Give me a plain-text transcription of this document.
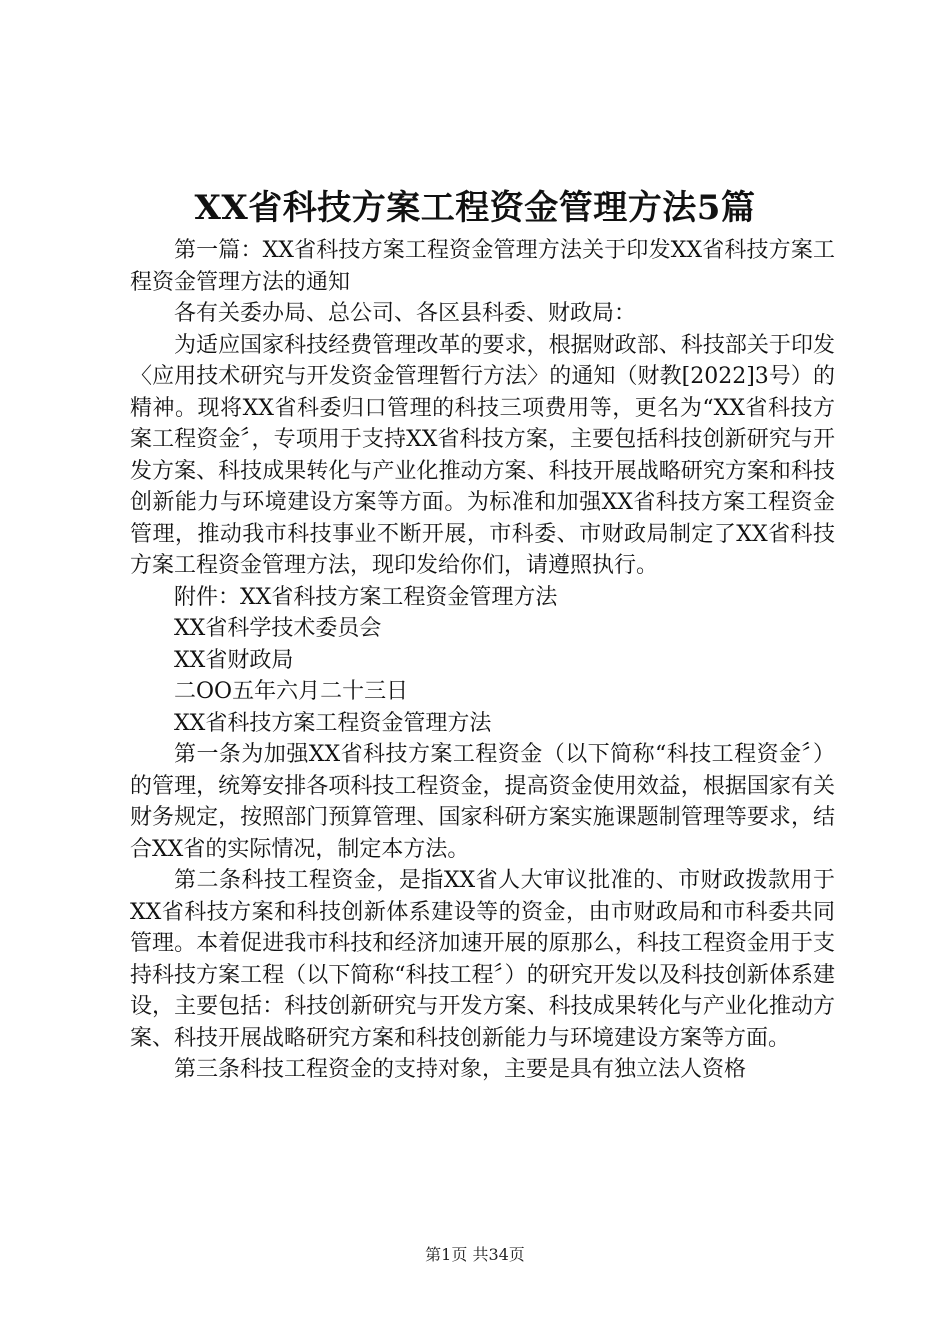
XX省科技方案工程资金管理方法5篇

第一篇：XX省科技方案工程资金管理方法关于印发XX省科技方案工程资金管理方法的通知

各有关委办局、总公司、各区县科委、财政局：

为适应国家科技经费管理改革的要求，根据财政部、科技部关于印发〈应用技术研究与开发资金管理暂行方法〉的通知（财教[2022]3号）的精神。现将XX省科委归口管理的科技三项费用等，更名为“XX省科技方案工程资金〞，专项用于支持XX省科技方案，主要包括科技创新研究与开发方案、科技成果转化与产业化推动方案、科技开展战略研究方案和科技创新能力与环境建设方案等方面。为标准和加强XX省科技方案工程资金管理，推动我市科技事业不断开展，市科委、市财政局制定了XX省科技方案工程资金管理方法，现印发给你们，请遵照执行。

附件：XX省科技方案工程资金管理方法

XX省科学技术委员会

XX省财政局

二OO五年六月二十三日

XX省科技方案工程资金管理方法

第一条为加强XX省科技方案工程资金（以下简称“科技工程资金〞）的管理，统筹安排各项科技工程资金，提高资金使用效益，根据国家有关财务规定，按照部门预算管理、国家科研方案实施课题制管理等要求，结合XX省的实际情况，制定本方法。

第二条科技工程资金，是指XX省人大审议批准的、市财政拨款用于XX省科技方案和科技创新体系建设等的资金，由市财政局和市科委共同管理。本着促进我市科技和经济加速开展的原那么，科技工程资金用于支持科技方案工程（以下简称“科技工程〞）的研究开发以及科技创新体系建设，主要包括：科技创新研究与开发方案、科技成果转化与产业化推动方案、科技开展战略研究方案和科技创新能力与环境建设方案等方面。

第三条科技工程资金的支持对象，主要是具有独立法人资格

第1页 共34页
